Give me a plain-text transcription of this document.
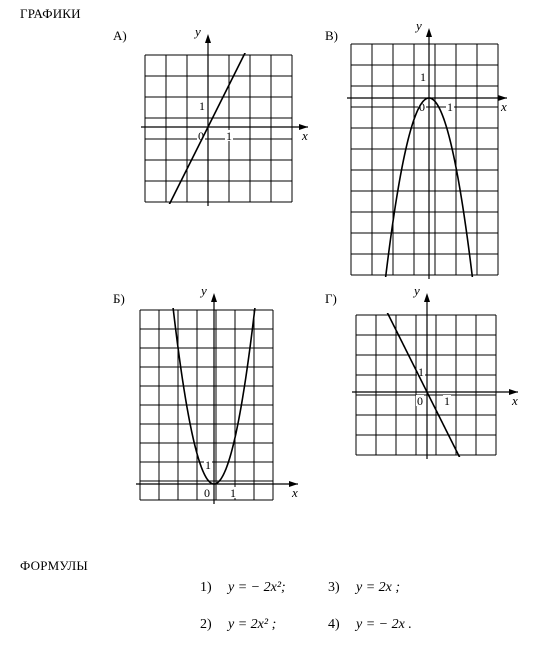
ГРАФИКИ
А)
x
y
0 1
1
В)
x
y
0 1
1
Б)
x
y
0 1
1
Г)
x
y
0 1
1
ФОРМУЛЫ
1) y = − 2x²;	3) y = 2x ;
2) y = 2x² ;	4) y = − 2x .
